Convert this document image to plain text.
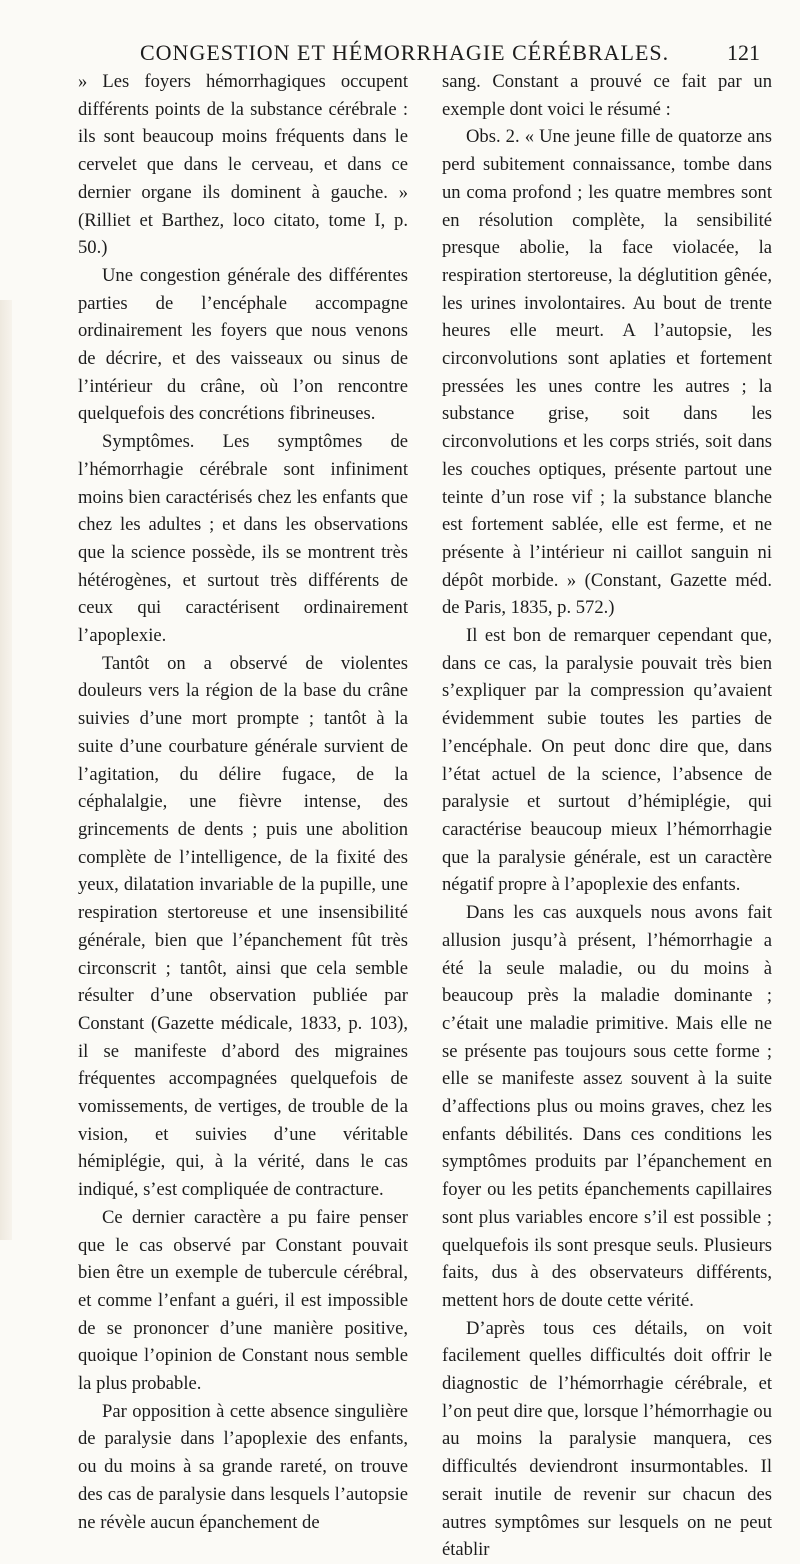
CONGESTION ET HÉMORRHAGIE CÉRÉBRALES.	121

» Les foyers hémorrhagiques occupent différents points de la substance cérébrale : ils sont beaucoup moins fréquents dans le cervelet que dans le cerveau, et dans ce dernier organe ils dominent à gauche. » (Rilliet et Barthez, loco citato, tome I, p. 50.)

Une congestion générale des différentes parties de l’encéphale accompagne ordinairement les foyers que nous venons de décrire, et des vaisseaux ou sinus de l’intérieur du crâne, où l’on rencontre quelquefois des concrétions fibrineuses.

Symptômes. Les symptômes de l’hémorrhagie cérébrale sont infiniment moins bien caractérisés chez les enfants que chez les adultes ; et dans les observations que la science possède, ils se montrent très hétérogènes, et surtout très différents de ceux qui caractérisent ordinairement l’apoplexie.

Tantôt on a observé de violentes douleurs vers la région de la base du crâne suivies d’une mort prompte ; tantôt à la suite d’une courbature générale survient de l’agitation, du délire fugace, de la céphalalgie, une fièvre intense, des grincements de dents ; puis une abolition complète de l’intelligence, de la fixité des yeux, dilatation invariable de la pupille, une respiration stertoreuse et une insensibilité générale, bien que l’épanchement fût très circonscrit ; tantôt, ainsi que cela semble résulter d’une observation publiée par Constant (Gazette médicale, 1833, p. 103), il se manifeste d’abord des migraines fréquentes accompagnées quelquefois de vomissements, de vertiges, de trouble de la vision, et suivies d’une véritable hémiplégie, qui, à la vérité, dans le cas indiqué, s’est compliquée de contracture.

Ce dernier caractère a pu faire penser que le cas observé par Constant pouvait bien être un exemple de tubercule cérébral, et comme l’enfant a guéri, il est impossible de se prononcer d’une manière positive, quoique l’opinion de Constant nous semble la plus probable.

Par opposition à cette absence singulière de paralysie dans l’apoplexie des enfants, ou du moins à sa grande rareté, on trouve des cas de paralysie dans lesquels l’autopsie ne révèle aucun épanchement de

sang. Constant a prouvé ce fait par un exemple dont voici le résumé :

Obs. 2. « Une jeune fille de quatorze ans perd subitement connaissance, tombe dans un coma profond ; les quatre membres sont en résolution complète, la sensibilité presque abolie, la face violacée, la respiration stertoreuse, la déglutition gênée, les urines involontaires. Au bout de trente heures elle meurt. A l’autopsie, les circonvolutions sont aplaties et fortement pressées les unes contre les autres ; la substance grise, soit dans les circonvolutions et les corps striés, soit dans les couches optiques, présente partout une teinte d’un rose vif ; la substance blanche est fortement sablée, elle est ferme, et ne présente à l’intérieur ni caillot sanguin ni dépôt morbide. » (Constant, Gazette méd. de Paris, 1835, p. 572.)

Il est bon de remarquer cependant que, dans ce cas, la paralysie pouvait très bien s’expliquer par la compression qu’avaient évidemment subie toutes les parties de l’encéphale. On peut donc dire que, dans l’état actuel de la science, l’absence de paralysie et surtout d’hémiplégie, qui caractérise beaucoup mieux l’hémorrhagie que la paralysie générale, est un caractère négatif propre à l’apoplexie des enfants.

Dans les cas auxquels nous avons fait allusion jusqu’à présent, l’hémorrhagie a été la seule maladie, ou du moins à beaucoup près la maladie dominante ; c’était une maladie primitive. Mais elle ne se présente pas toujours sous cette forme ; elle se manifeste assez souvent à la suite d’affections plus ou moins graves, chez les enfants débilités. Dans ces conditions les symptômes produits par l’épanchement en foyer ou les petits épanchements capillaires sont plus variables encore s’il est possible ; quelquefois ils sont presque seuls. Plusieurs faits, dus à des observateurs différents, mettent hors de doute cette vérité.

D’après tous ces détails, on voit facilement quelles difficultés doit offrir le diagnostic de l’hémorrhagie cérébrale, et l’on peut dire que, lorsque l’hémorrhagie ou au moins la paralysie manquera, ces difficultés deviendront insurmontables. Il serait inutile de revenir sur chacun des autres symptômes sur lesquels on ne peut établir
